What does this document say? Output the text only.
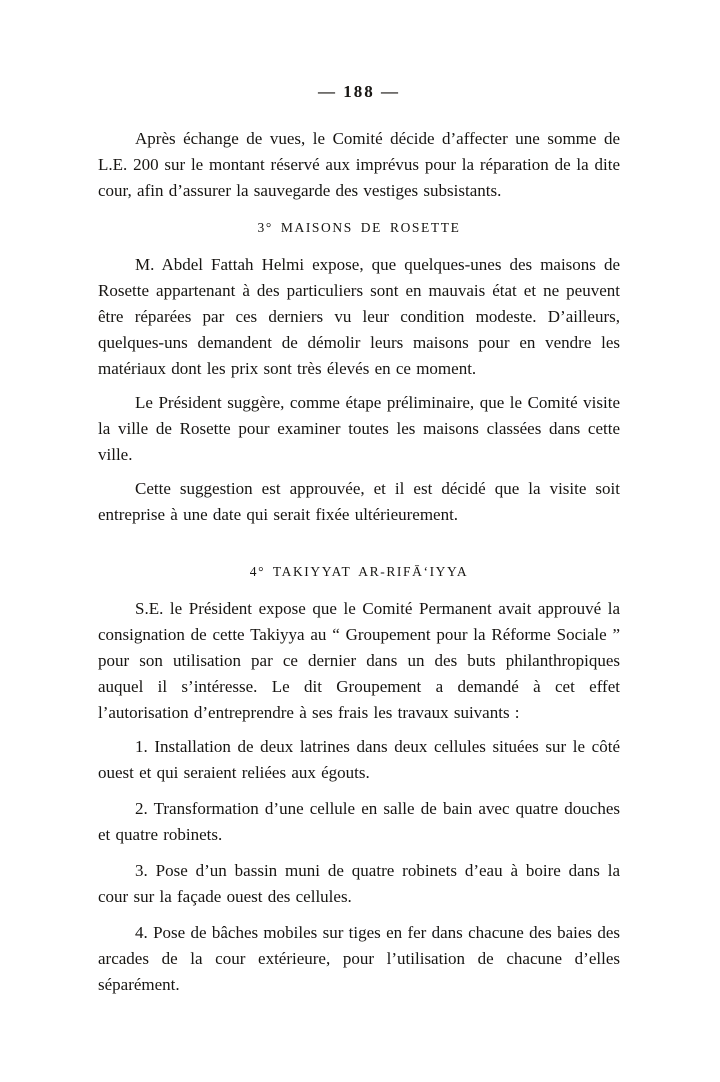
— 188 —

Après échange de vues, le Comité décide d’affecter une somme de L.E. 200 sur le montant réservé aux imprévus pour la réparation de la dite cour, afin d’assurer la sauvegarde des vestiges subsistants.

3° MAISONS DE ROSETTE

M. Abdel Fattah Helmi expose, que quelques-unes des maisons de Rosette appartenant à des particuliers sont en mauvais état et ne peuvent être réparées par ces derniers vu leur condition modeste. D’ailleurs, quelques-uns demandent de démolir leurs maisons pour en vendre les matériaux dont les prix sont très élevés en ce moment.

Le Président suggère, comme étape préliminaire, que le Comité visite la ville de Rosette pour examiner toutes les maisons classées dans cette ville.

Cette suggestion est approuvée, et il est décidé que la visite soit entreprise à une date qui serait fixée ultérieurement.

4° TAKIYYAT AR-RIFĀ‘IYYA

S.E. le Président expose que le Comité Permanent avait approuvé la consignation de cette Takiyya au “ Groupement pour la Réforme Sociale ” pour son utilisation par ce dernier dans un des buts philanthropiques auquel il s’intéresse. Le dit Groupement a demandé à cet effet l’autorisation d’entreprendre à ses frais les travaux suivants :

1. Installation de deux latrines dans deux cellules situées sur le côté ouest et qui seraient reliées aux égouts.

2. Transformation d’une cellule en salle de bain avec quatre douches et quatre robinets.

3. Pose d’un bassin muni de quatre robinets d’eau à boire dans la cour sur la façade ouest des cellules.

4. Pose de bâches mobiles sur tiges en fer dans chacune des baies des arcades de la cour extérieure, pour l’utilisation de chacune d’elles séparément.
